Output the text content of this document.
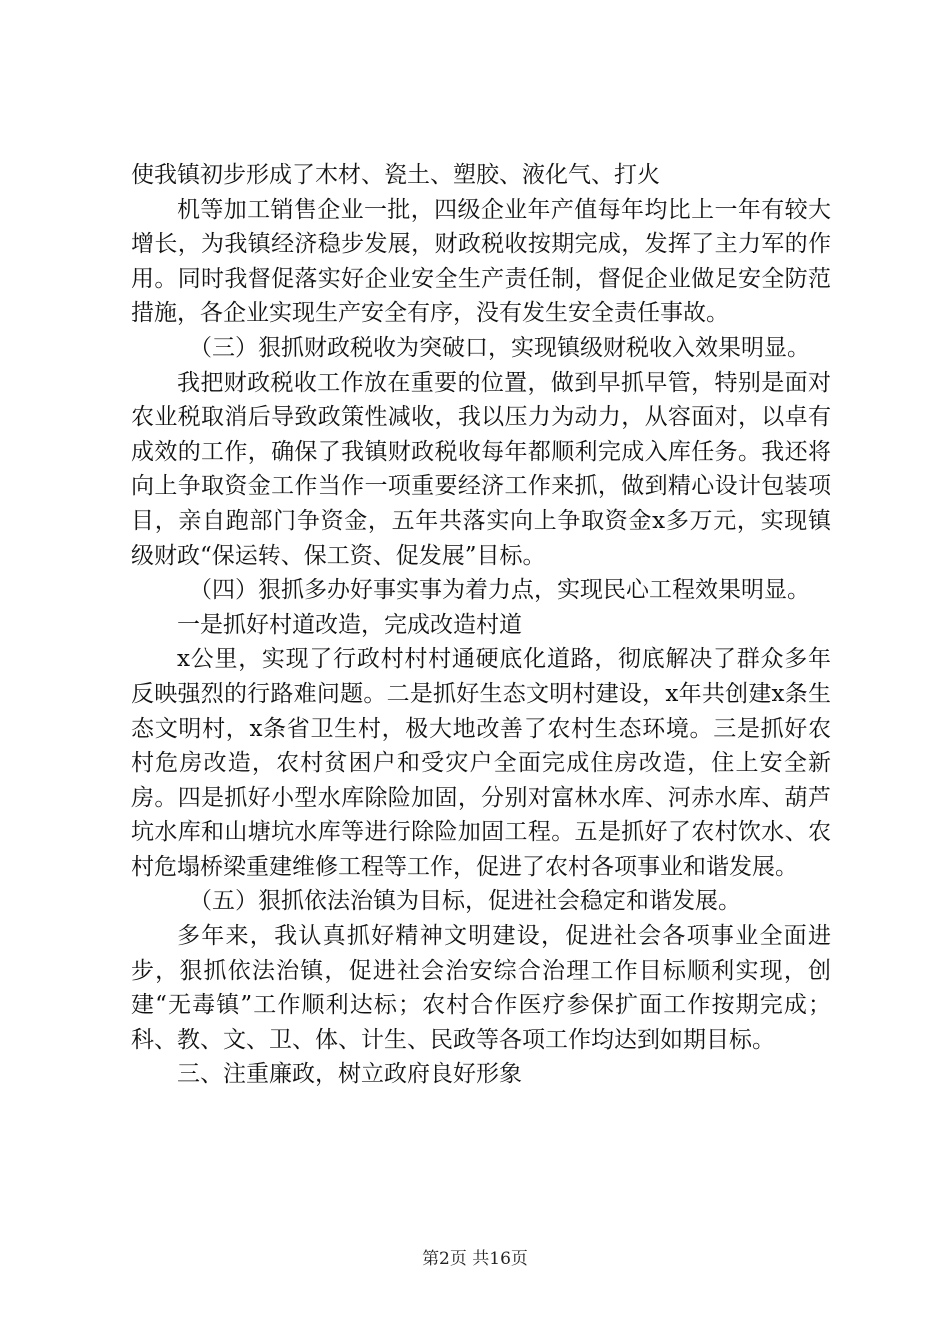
使我镇初步形成了木材、瓷土、塑胶、液化气、打火

机等加工销售企业一批，四级企业年产值每年均比上一年有较大增长，为我镇经济稳步发展，财政税收按期完成，发挥了主力军的作用。同时我督促落实好企业安全生产责任制，督促企业做足安全防范措施，各企业实现生产安全有序，没有发生安全责任事故。

（三）狠抓财政税收为突破口，实现镇级财税收入效果明显。

我把财政税收工作放在重要的位置，做到早抓早管，特别是面对农业税取消后导致政策性减收，我以压力为动力，从容面对，以卓有成效的工作，确保了我镇财政税收每年都顺利完成入库任务。我还将向上争取资金工作当作一项重要经济工作来抓，做到精心设计包装项目，亲自跑部门争资金，五年共落实向上争取资金x多万元，实现镇级财政“保运转、保工资、促发展”目标。

（四）狠抓多办好事实事为着力点，实现民心工程效果明显。

一是抓好村道改造，完成改造村道

x公里，实现了行政村村村通硬底化道路，彻底解决了群众多年反映强烈的行路难问题。二是抓好生态文明村建设，x年共创建x条生态文明村，x条省卫生村，极大地改善了农村生态环境。三是抓好农村危房改造，农村贫困户和受灾户全面完成住房改造，住上安全新房。四是抓好小型水库除险加固，分别对富林水库、河赤水库、葫芦坑水库和山塘坑水库等进行除险加固工程。五是抓好了农村饮水、农村危塌桥梁重建维修工程等工作，促进了农村各项事业和谐发展。

（五）狠抓依法治镇为目标，促进社会稳定和谐发展。

多年来，我认真抓好精神文明建设，促进社会各项事业全面进步，狠抓依法治镇，促进社会治安综合治理工作目标顺利实现，创建“无毒镇”工作顺利达标；农村合作医疗参保扩面工作按期完成；科、教、文、卫、体、计生、民政等各项工作均达到如期目标。

三、注重廉政，树立政府良好形象

第2页 共16页
